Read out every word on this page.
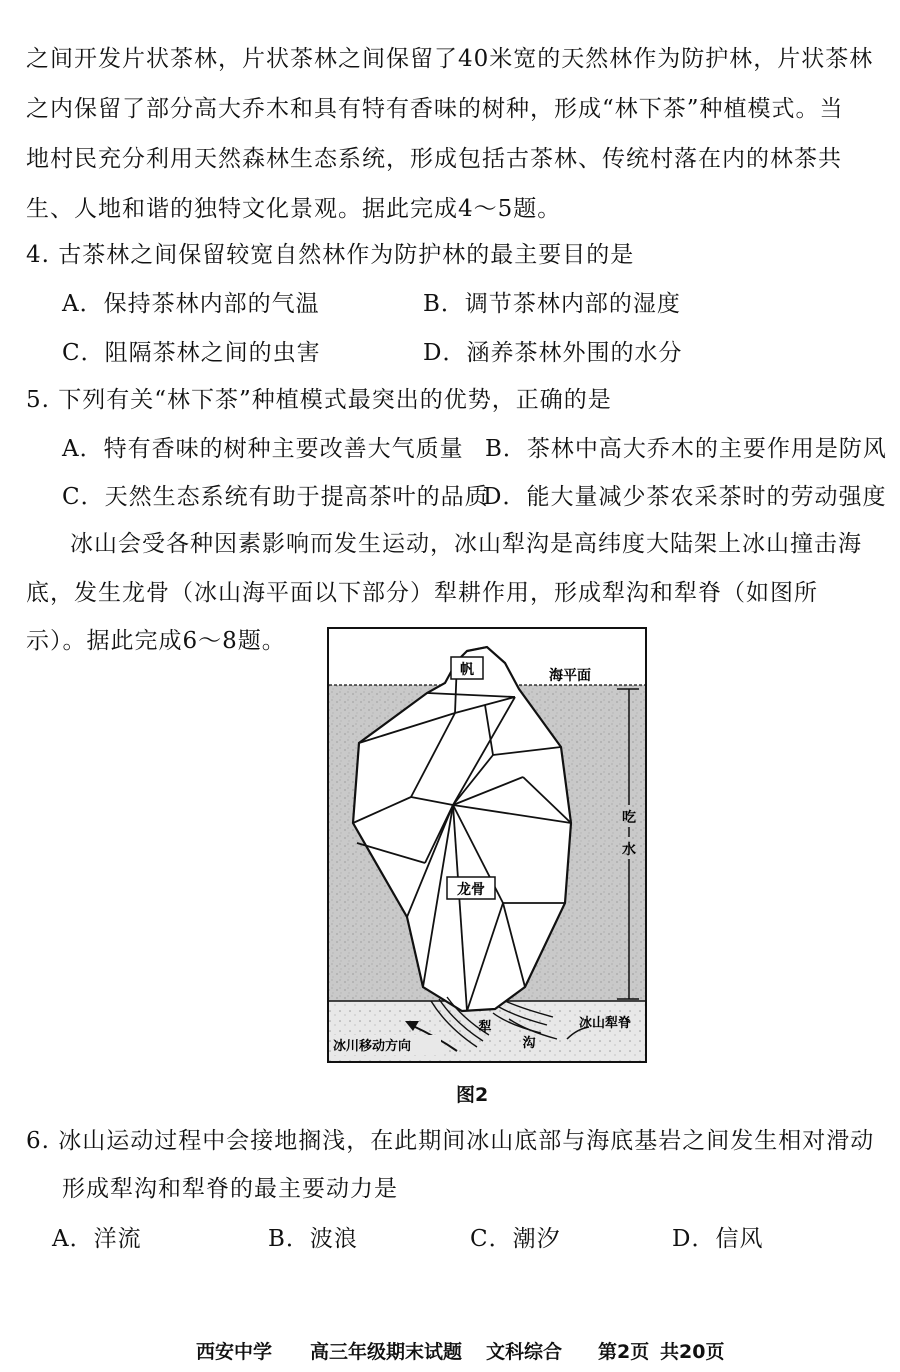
之间开发片状茶林，片状茶林之间保留了40米宽的天然林作为防护林，片状茶林
之内保留了部分高大乔木和具有特有香味的树种，形成“林下茶”种植模式。当
地村民充分利用天然森林生态系统，形成包括古茶林、传统村落在内的林茶共
生、人地和谐的独特文化景观。据此完成4～5题。
4. 古茶林之间保留较宽自然林作为防护林的最主要目的是
A．保持茶林内部的气温	B．调节茶林内部的湿度
C．阻隔茶林之间的虫害	D．涵养茶林外围的水分
5. 下列有关“林下茶”种植模式最突出的优势，正确的是
A．特有香味的树种主要改善大气质量 B．茶林中高大乔木的主要作用是防风
C．天然生态系统有助于提高茶叶的品质
D．能大量减少茶农采茶时的劳动强度
冰山会受各种因素影响而发生运动，冰山犁沟是高纬度大陆架上冰山撞击海
底，发生龙骨（冰山海平面以下部分）犁耕作用，形成犁沟和犁脊（如图所
示）。据此完成6～8题。
帆	海平面
吃
水
龙骨
犁
沟
冰山犁脊
冰川移动方向
图2
6. 冰山运动过程中会接地搁浅，在此期间冰山底部与海底基岩之间发生相对滑动
形成犁沟和犁脊的最主要动力是
A．洋流	B．波浪	C．潮汐	D．信风
西安中学 高三年级期末试题 文科综合 第2页 共20页
